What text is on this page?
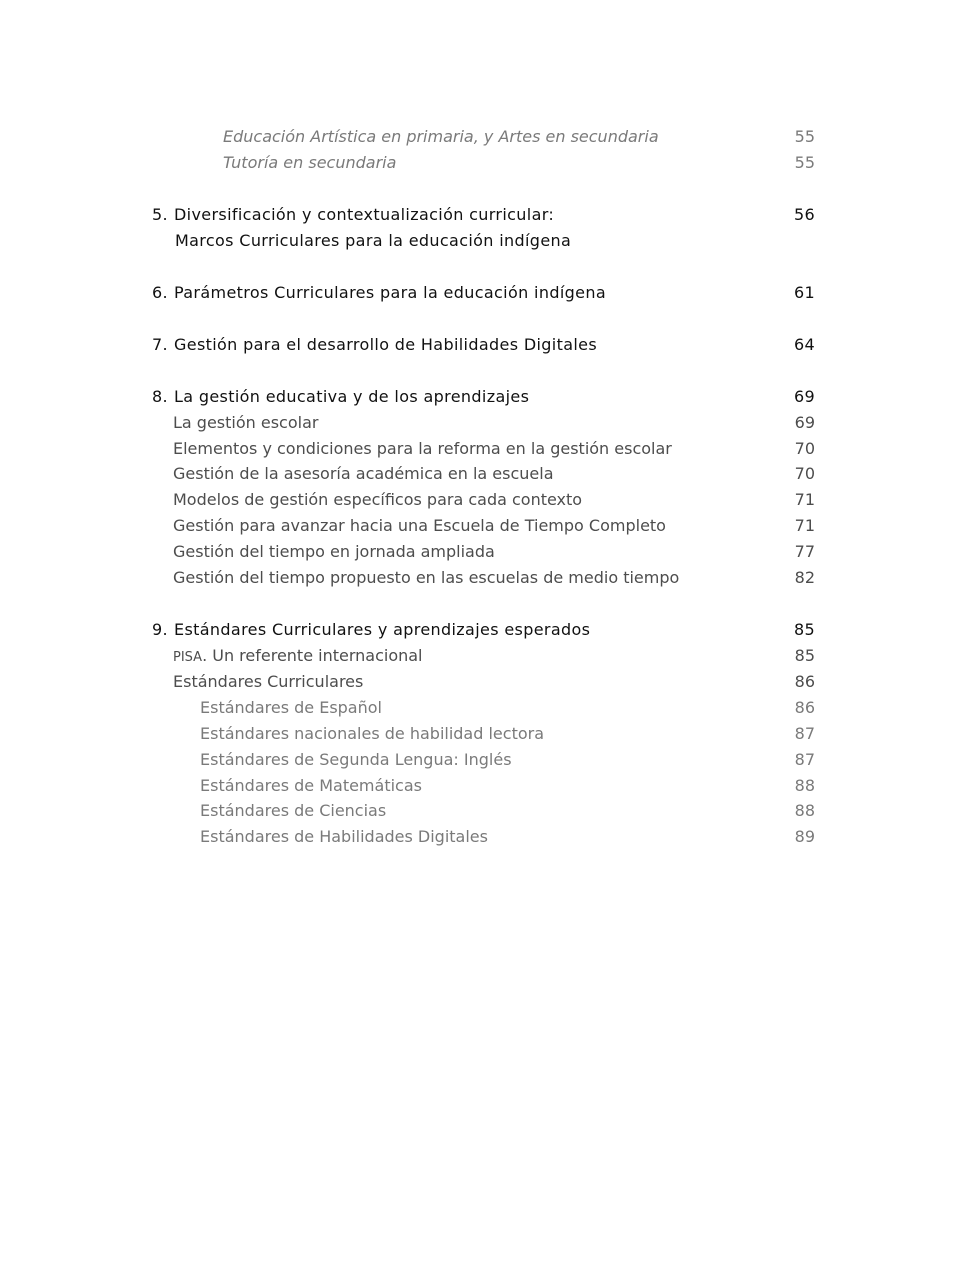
Educación Artística en primaria, y Artes en secundaria	55
Tutoría en secundaria	55
5. Diversificación y contextualización curricular:	56
Marcos Curriculares para la educación indígena
6. Parámetros Curriculares para la educación indígena	61
7. Gestión para el desarrollo de Habilidades Digitales	64
8. La gestión educativa y de los aprendizajes	69
La gestión escolar	69
Elementos y condiciones para la reforma en la gestión escolar	70
Gestión de la asesoría académica en la escuela	70
Modelos de gestión específicos para cada contexto	71
Gestión para avanzar hacia una Escuela de Tiempo Completo	71
Gestión del tiempo en jornada ampliada	77
Gestión del tiempo propuesto en las escuelas de medio tiempo	82
9. Estándares Curriculares y aprendizajes esperados	85
PISA. Un referente internacional	85
Estándares Curriculares	86
Estándares de Español	86
Estándares nacionales de habilidad lectora	87
Estándares de Segunda Lengua: Inglés	87
Estándares de Matemáticas	88
Estándares de Ciencias	88
Estándares de Habilidades Digitales	89
